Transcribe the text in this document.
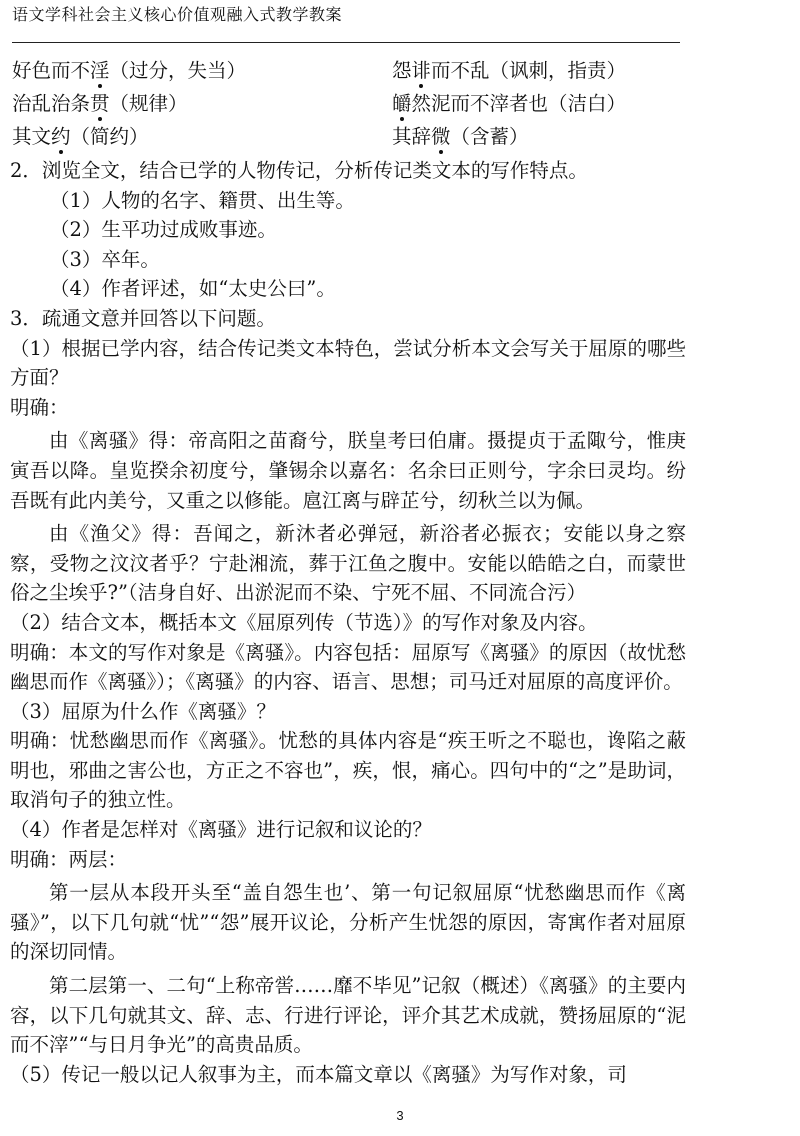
语文学科社会主义核心价值观融入式教学教案
好色而不淫（过分，失当）	怨诽而不乱（讽刺，指责）
治乱治条贯（规律）	皭然泥而不滓者也（洁白）
其文约（简约）	其辞微（含蓄）

2．浏览全文，结合已学的人物传记，分析传记类文本的写作特点。

（1）人物的名字、籍贯、出生等。

（2）生平功过成败事迹。

（3）卒年。

（4）作者评述，如“太史公曰”。

3．疏通文意并回答以下问题。

（1）根据已学内容，结合传记类文本特色，尝试分析本文会写关于屈原的哪些方面？

明确：

由《离骚》得：帝高阳之苗裔兮，朕皇考曰伯庸。摄提贞于孟陬兮，惟庚寅吾以降。皇览揆余初度兮，肇锡余以嘉名：名余曰正则兮，字余曰灵均。纷吾既有此内美兮，又重之以修能。扈江离与辟芷兮，纫秋兰以为佩。

由《渔父》得：吾闻之，新沐者必弹冠，新浴者必振衣；安能以身之察察，受物之汶汶者乎？宁赴湘流，葬于江鱼之腹中。安能以皓皓之白，而蒙世俗之尘埃乎?”（洁身自好、出淤泥而不染、宁死不屈、不同流合污）

（2）结合文本，概括本文《屈原列传（节选）》的写作对象及内容。

明确：本文的写作对象是《离骚》。内容包括：屈原写《离骚》的原因（故忧愁幽思而作《离骚》）；《离骚》的内容、语言、思想；司马迁对屈原的高度评价。

（3）屈原为什么作《离骚》？

明确：忧愁幽思而作《离骚》。忧愁的具体内容是“疾王听之不聪也，谗陷之蔽明也，邪曲之害公也，方正之不容也”，疾，恨，痛心。四句中的“之”是助词，取消句子的独立性。

（4）作者是怎样对《离骚》进行记叙和议论的？

明确：两层：

第一层从本段开头至“盖自怨生也’、第一句记叙屈原“忧愁幽思而作《离骚》”，以下几句就“忧”“怨”展开议论，分析产生忧怨的原因，寄寓作者对屈原的深切同情。

第二层第一、二句“上称帝喾……靡不毕见”记叙（概述）《离骚》的主要内容，以下几句就其文、辞、志、行进行评论，评介其艺术成就，赞扬屈原的“泥而不滓”“与日月争光”的高贵品质。

（5）传记一般以记人叙事为主，而本篇文章以《离骚》为写作对象，司

3
